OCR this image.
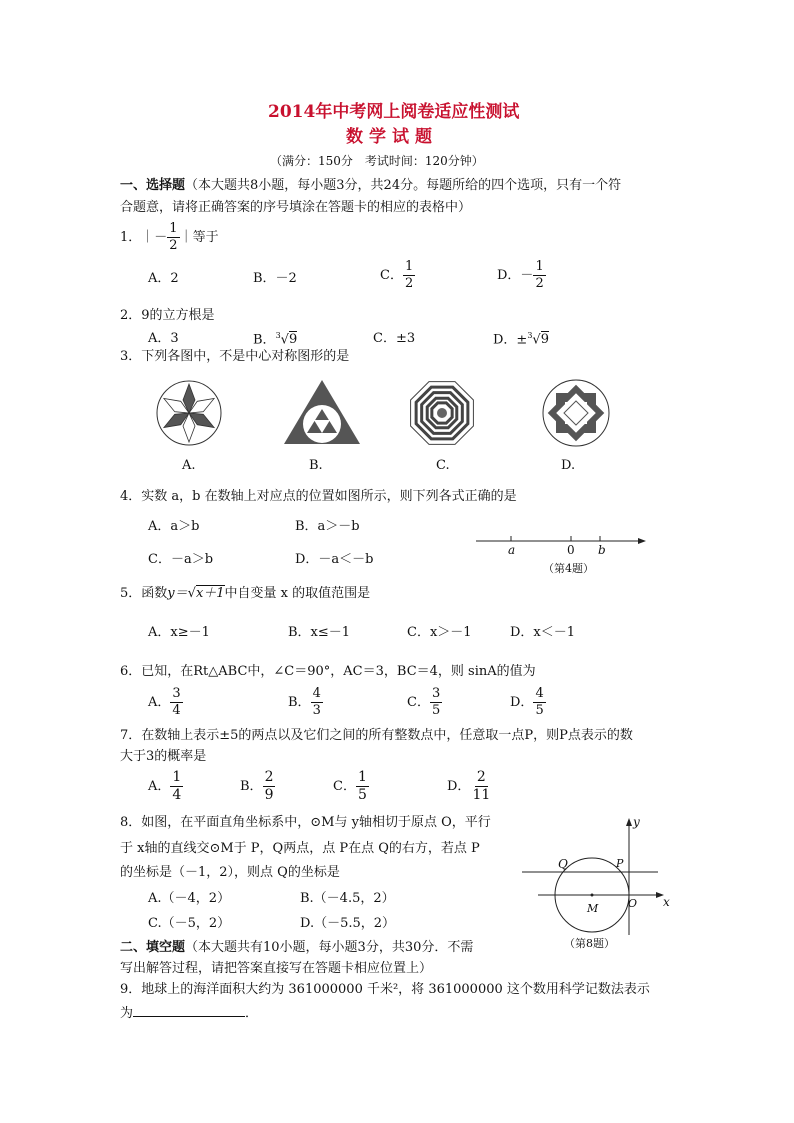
2014年中考网上阅卷适应性测试
数学试题
（满分：150分　考试时间：120分钟）
一、选择题（本大题共8小题，每小题3分，共24分。每题所给的四个选项，只有一个符
合题意，请将正确答案的序号填涂在答题卡的相应的表格中）
1． ｜－ $\frac{1}{2}$ ｜等于
A．2	B．－2	C． $\frac{1}{2}$	D．－ $\frac{1}{2}$
2．9的立方根是
A．3	B．$^3$√9	C．±3	D．±$^3$√9
3．下列各图中，不是中心对称图形的是
A.	B.	C.	D.
4．实数 a，b 在数轴上对应点的位置如图所示，则下列各式正确的是
A．a＞b	B．a＞－b
C．－a＞b	D．－a＜－b
a	0 b
（第4题）
5．函数y＝√x＋1中自变量 x 的取值范围是
A．x≥－1	B．x≤－1	C．x＞－1	D．x＜－1
6．已知，在Rt△ABC中，∠C＝90°，AC＝3，BC＝4，则 sinA的值为
A． $\frac{3}{4}$	B． $\frac{4}{3}$	C． $\frac{3}{5}$	D． $\frac{4}{5}$
7．在数轴上表示±5的两点以及它们之间的所有整数点中，任意取一点P，则P点表示的数
大于3的概率是
A． $\frac{1}{4}$	B． $\frac{2}{9}$	C． $\frac{1}{5}$	D． $\frac{2}{11}$
8．如图，在平面直角坐标系中，⊙M与 y轴相切于原点 O，平行
于 x轴的直线交⊙M于 P，Q两点，点 P在点 Q的右方，若点 P
的坐标是（－1，2），则点 Q的坐标是
A.（－4，2）	B.（－4.5，2）
C.（－5，2）	D.（－5.5，2）
y
x
Q	P
M	O
（第8题）
二、填空题（本大题共有10小题，每小题3分，共30分．不需
写出解答过程，请把答案直接写在答题卡相应位置上）
9．地球上的海洋面积大约为 361000000 千米²，将 361000000 这个数用科学记数法表示
为	．
